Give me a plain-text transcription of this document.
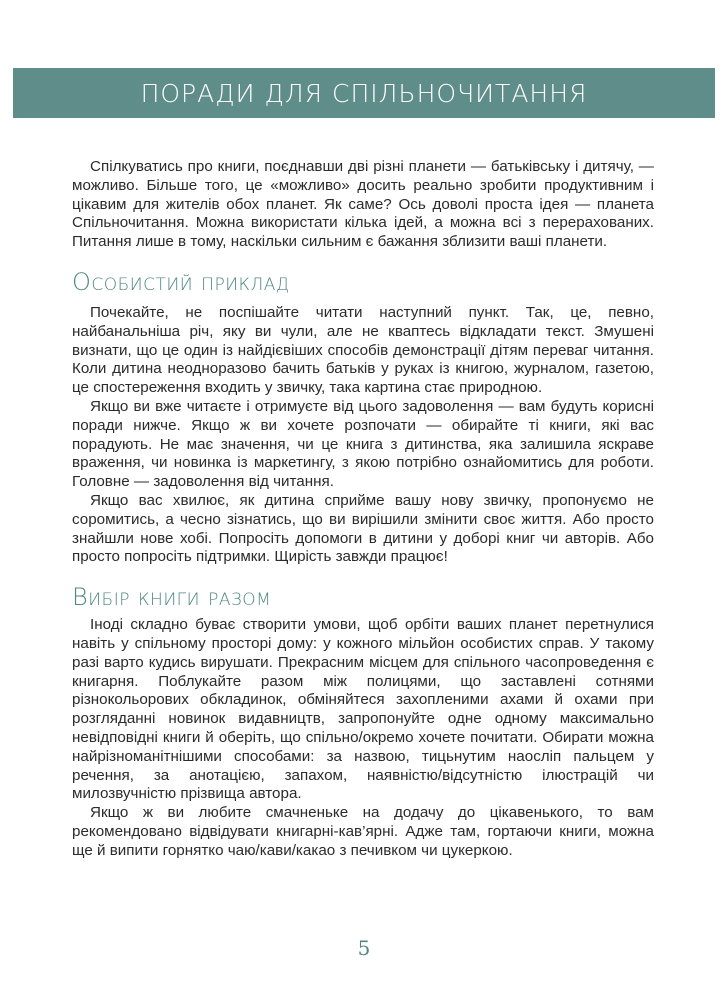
ПОРАДИ ДЛЯ СПІЛЬНОЧИТАННЯ

Спілкуватись про книги, поєднавши дві різні планети — батьківську і дитячу, — можливо. Більше того, це «можливо» досить реально зробити продуктивним і цікавим для жителів обох планет. Як саме? Ось доволі проста ідея — планета Спільночитання. Можна використати кілька ідей, а можна всі з перерахованих. Питання лише в тому, наскільки сильним є бажання зблизити ваші планети.

Особистий приклад

Почекайте, не поспішайте читати наступний пункт. Так, це, певно, найбанальніша річ, яку ви чули, але не кваптесь відкладати текст. Змушені визнати, що це один із найдієвіших способів демонстрації дітям переваг читання. Коли дитина неодноразово бачить батьків у руках із книгою, журналом, газетою, це спостереження входить у звичку, така картина стає природною.

Якщо ви вже читаєте і отримуєте від цього задоволення — вам будуть корисні поради нижче. Якщо ж ви хочете розпочати — обирайте ті книги, які вас порадують. Не має значення, чи це книга з дитинства, яка залишила яскраве враження, чи новинка із маркетингу, з якою потрібно ознайомитись для роботи. Головне — задоволення від читання.

Якщо вас хвилює, як дитина сприйме вашу нову звичку, пропонуємо не соромитись, а чесно зізнатись, що ви вирішили змінити своє життя. Або просто знайшли нове хобі. Попросіть допомоги в дитини у доборі книг чи авторів. Або просто попросіть підтримки. Щирість завжди працює!

Вибір книги разом

Іноді складно буває створити умови, щоб орбіти ваших планет перетнулися навіть у спільному просторі дому: у кожного мільйон особистих справ. У такому разі варто кудись вирушати. Прекрасним місцем для спільного часопроведення є книгарня. Поблукайте разом між полицями, що заставлені сотнями різнокольорових обкладинок, обміняйтеся захопленими ахами й охами при розгляданні новинок видавництв, запропонуйте одне одному максимально невідповідні книги й оберіть, що спільно/окремо хочете почитати. Обирати можна найрізноманітнішими способами: за назвою, тицьнутим наосліп пальцем у речення, за анотацією, запахом, наявністю/відсутністю ілюстрацій чи милозвучністю прізвища автора.

Якщо ж ви любите смачненьке на додачу до цікавенького, то вам рекомендовано відвідувати книгарні-кав’ярні. Адже там, гортаючи книги, можна ще й випити горнятко чаю/кави/какао з печивком чи цукеркою.

5
